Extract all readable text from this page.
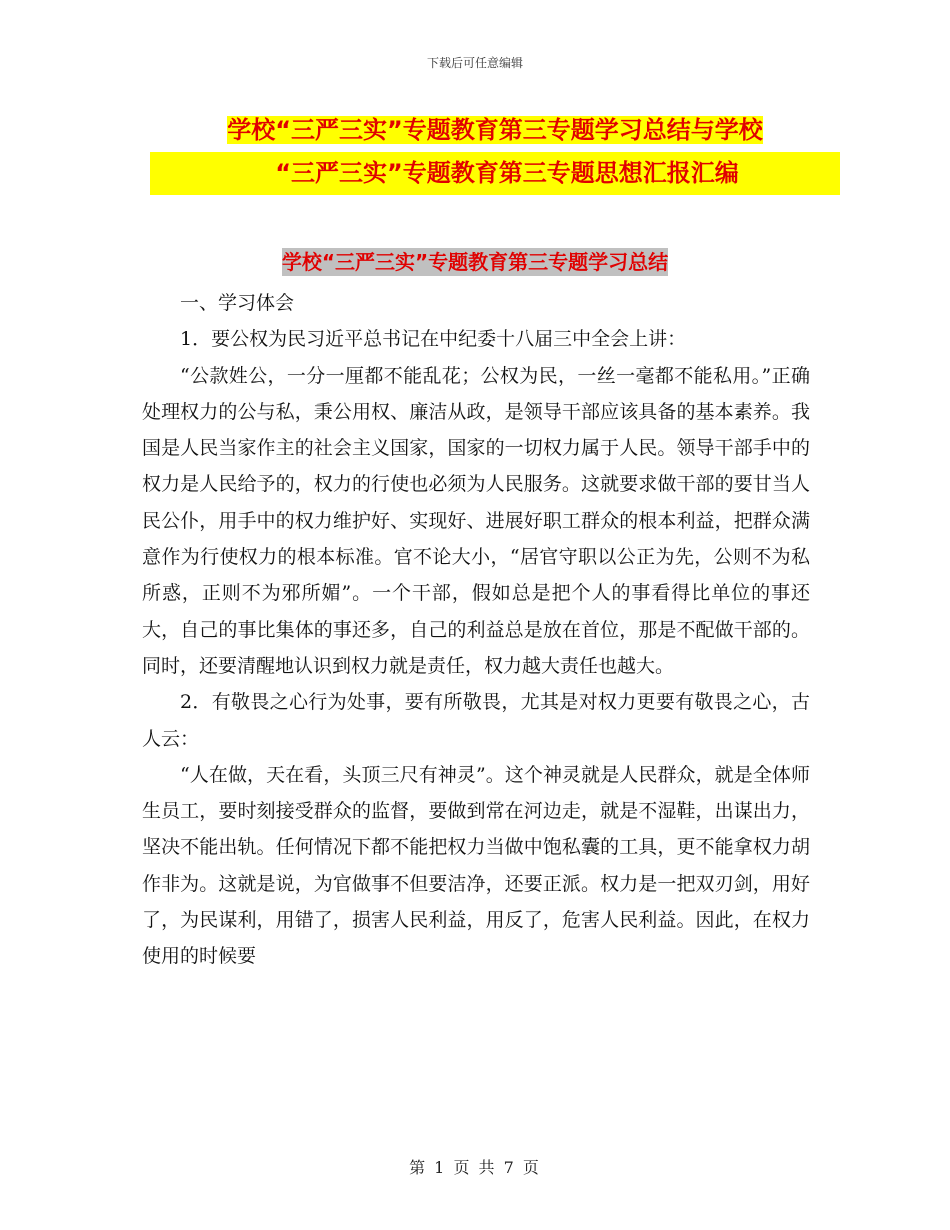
下载后可任意编辑
学校“三严三实”专题教育第三专题学习总结与学校
“三严三实”专题教育第三专题思想汇报汇编
学校“三严三实”专题教育第三专题学习总结

一、学习体会

1．要公权为民习近平总书记在中纪委十八届三中全会上讲：

“公款姓公，一分一厘都不能乱花；公权为民，一丝一毫都不能私用。”正确处理权力的公与私，秉公用权、廉洁从政，是领导干部应该具备的基本素养。我国是人民当家作主的社会主义国家，国家的一切权力属于人民。领导干部手中的权力是人民给予的，权力的行使也必须为人民服务。这就要求做干部的要甘当人民公仆，用手中的权力维护好、实现好、进展好职工群众的根本利益，把群众满意作为行使权力的根本标准。官不论大小，“居官守职以公正为先，公则不为私所惑，正则不为邪所媚”。一个干部，假如总是把个人的事看得比单位的事还大，自己的事比集体的事还多，自己的利益总是放在首位，那是不配做干部的。同时，还要清醒地认识到权力就是责任，权力越大责任也越大。

2．有敬畏之心行为处事，要有所敬畏，尤其是对权力更要有敬畏之心，古人云：

“人在做，天在看，头顶三尺有神灵”。这个神灵就是人民群众，就是全体师生员工，要时刻接受群众的监督，要做到常在河边走，就是不湿鞋，出谋出力，坚决不能出轨。任何情况下都不能把权力当做中饱私囊的工具，更不能拿权力胡作非为。这就是说，为官做事不但要洁净，还要正派。权力是一把双刃剑，用好了，为民谋利，用错了，损害人民利益，用反了，危害人民利益。因此，在权力使用的时候要

第 1 页 共 7 页
